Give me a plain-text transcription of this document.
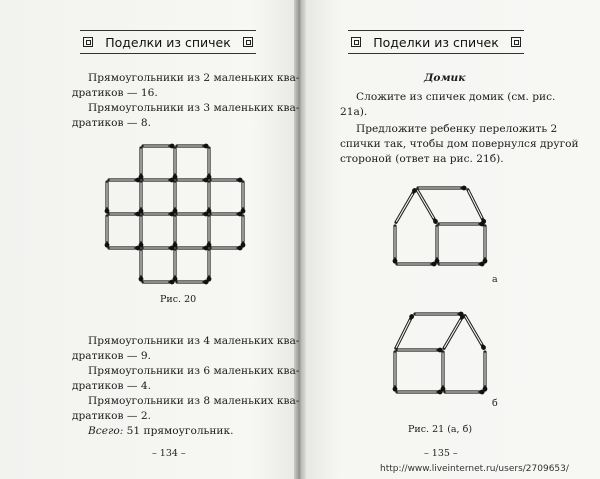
Поделки из спичек
Прямоугольники из 2 маленьких ква-
дратиков — 16.
Прямоугольники из 3 маленьких ква-
дратиков — 8.
Рис. 20
Прямоугольники из 4 маленьких ква-
дратиков — 9.
Прямоугольники из 6 маленьких ква-
дратиков — 4.
Прямоугольники из 8 маленьких ква-
дратиков — 2.
Всего: 51 прямоугольник.
– 134 –
Поделки из спичек
Домик
Сложите из спичек домик (см. рис.
21а).
Предложите ребенку переложить 2
спички так, чтобы дом повернулся другой
стороной (ответ на рис. 21б).
а
б
Рис. 21 (а, б)
– 135 –
http://www.liveinternet.ru/users/2709653/
